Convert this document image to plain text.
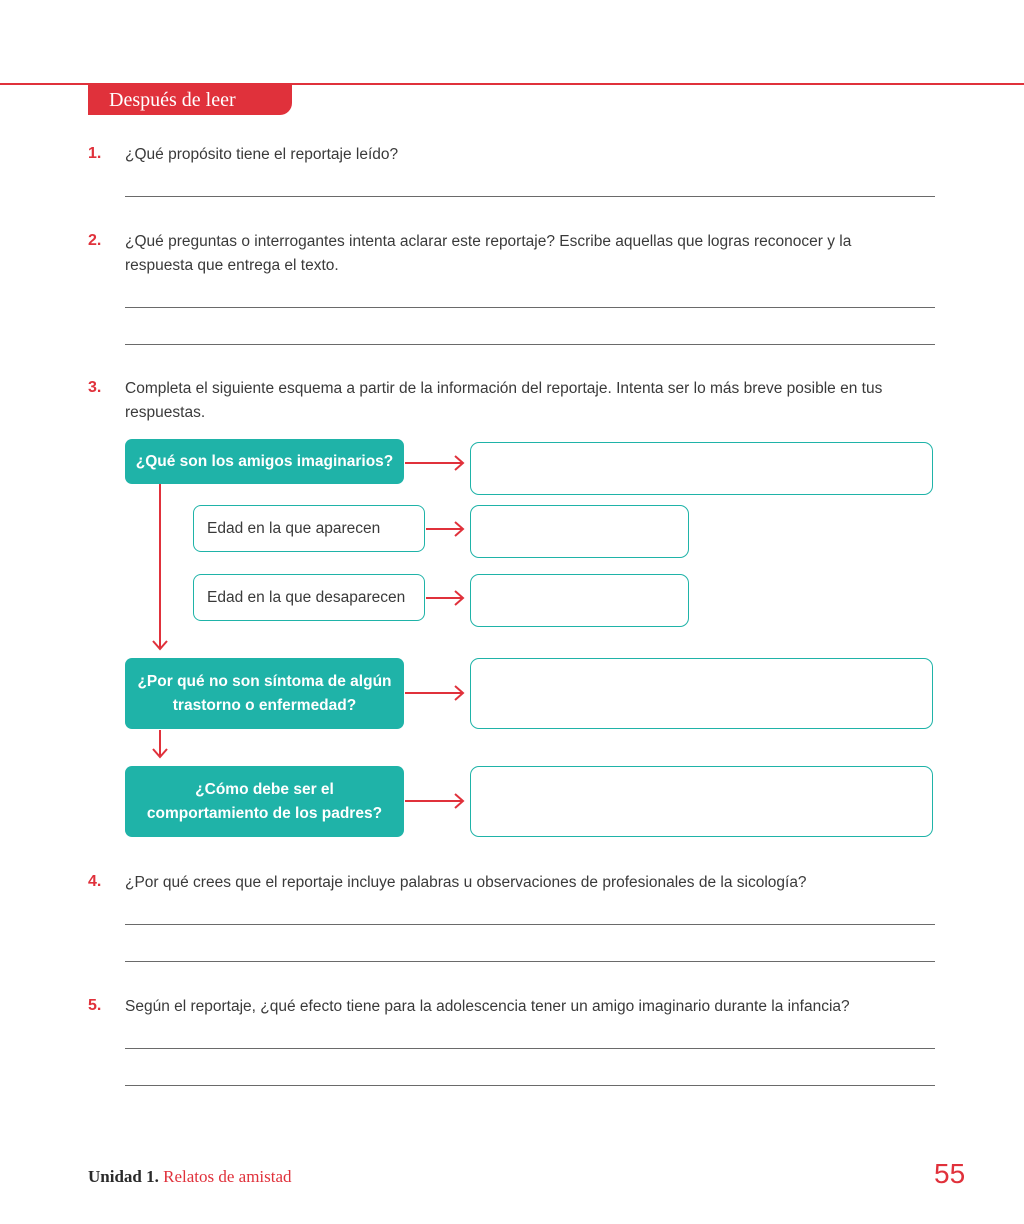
Después de leer
1. ¿Qué propósito tiene el reportaje leído?
2. ¿Qué preguntas o interrogantes intenta aclarar este reportaje? Escribe aquellas que logras reconocer y la respuesta que entrega el texto.
3. Completa el siguiente esquema a partir de la información del reportaje. Intenta ser lo más breve posible en tus respuestas.
¿Qué son los amigos imaginarios?
Edad en la que aparecen
Edad en la que desaparecen
¿Por qué no son síntoma de algún trastorno o enfermedad?
¿Cómo debe ser el comportamiento de los padres?
4. ¿Por qué crees que el reportaje incluye palabras u observaciones de profesionales de la sicología?
5. Según el reportaje, ¿qué efecto tiene para la adolescencia tener un amigo imaginario durante la infancia?
Unidad 1. Relatos de amistad	55
